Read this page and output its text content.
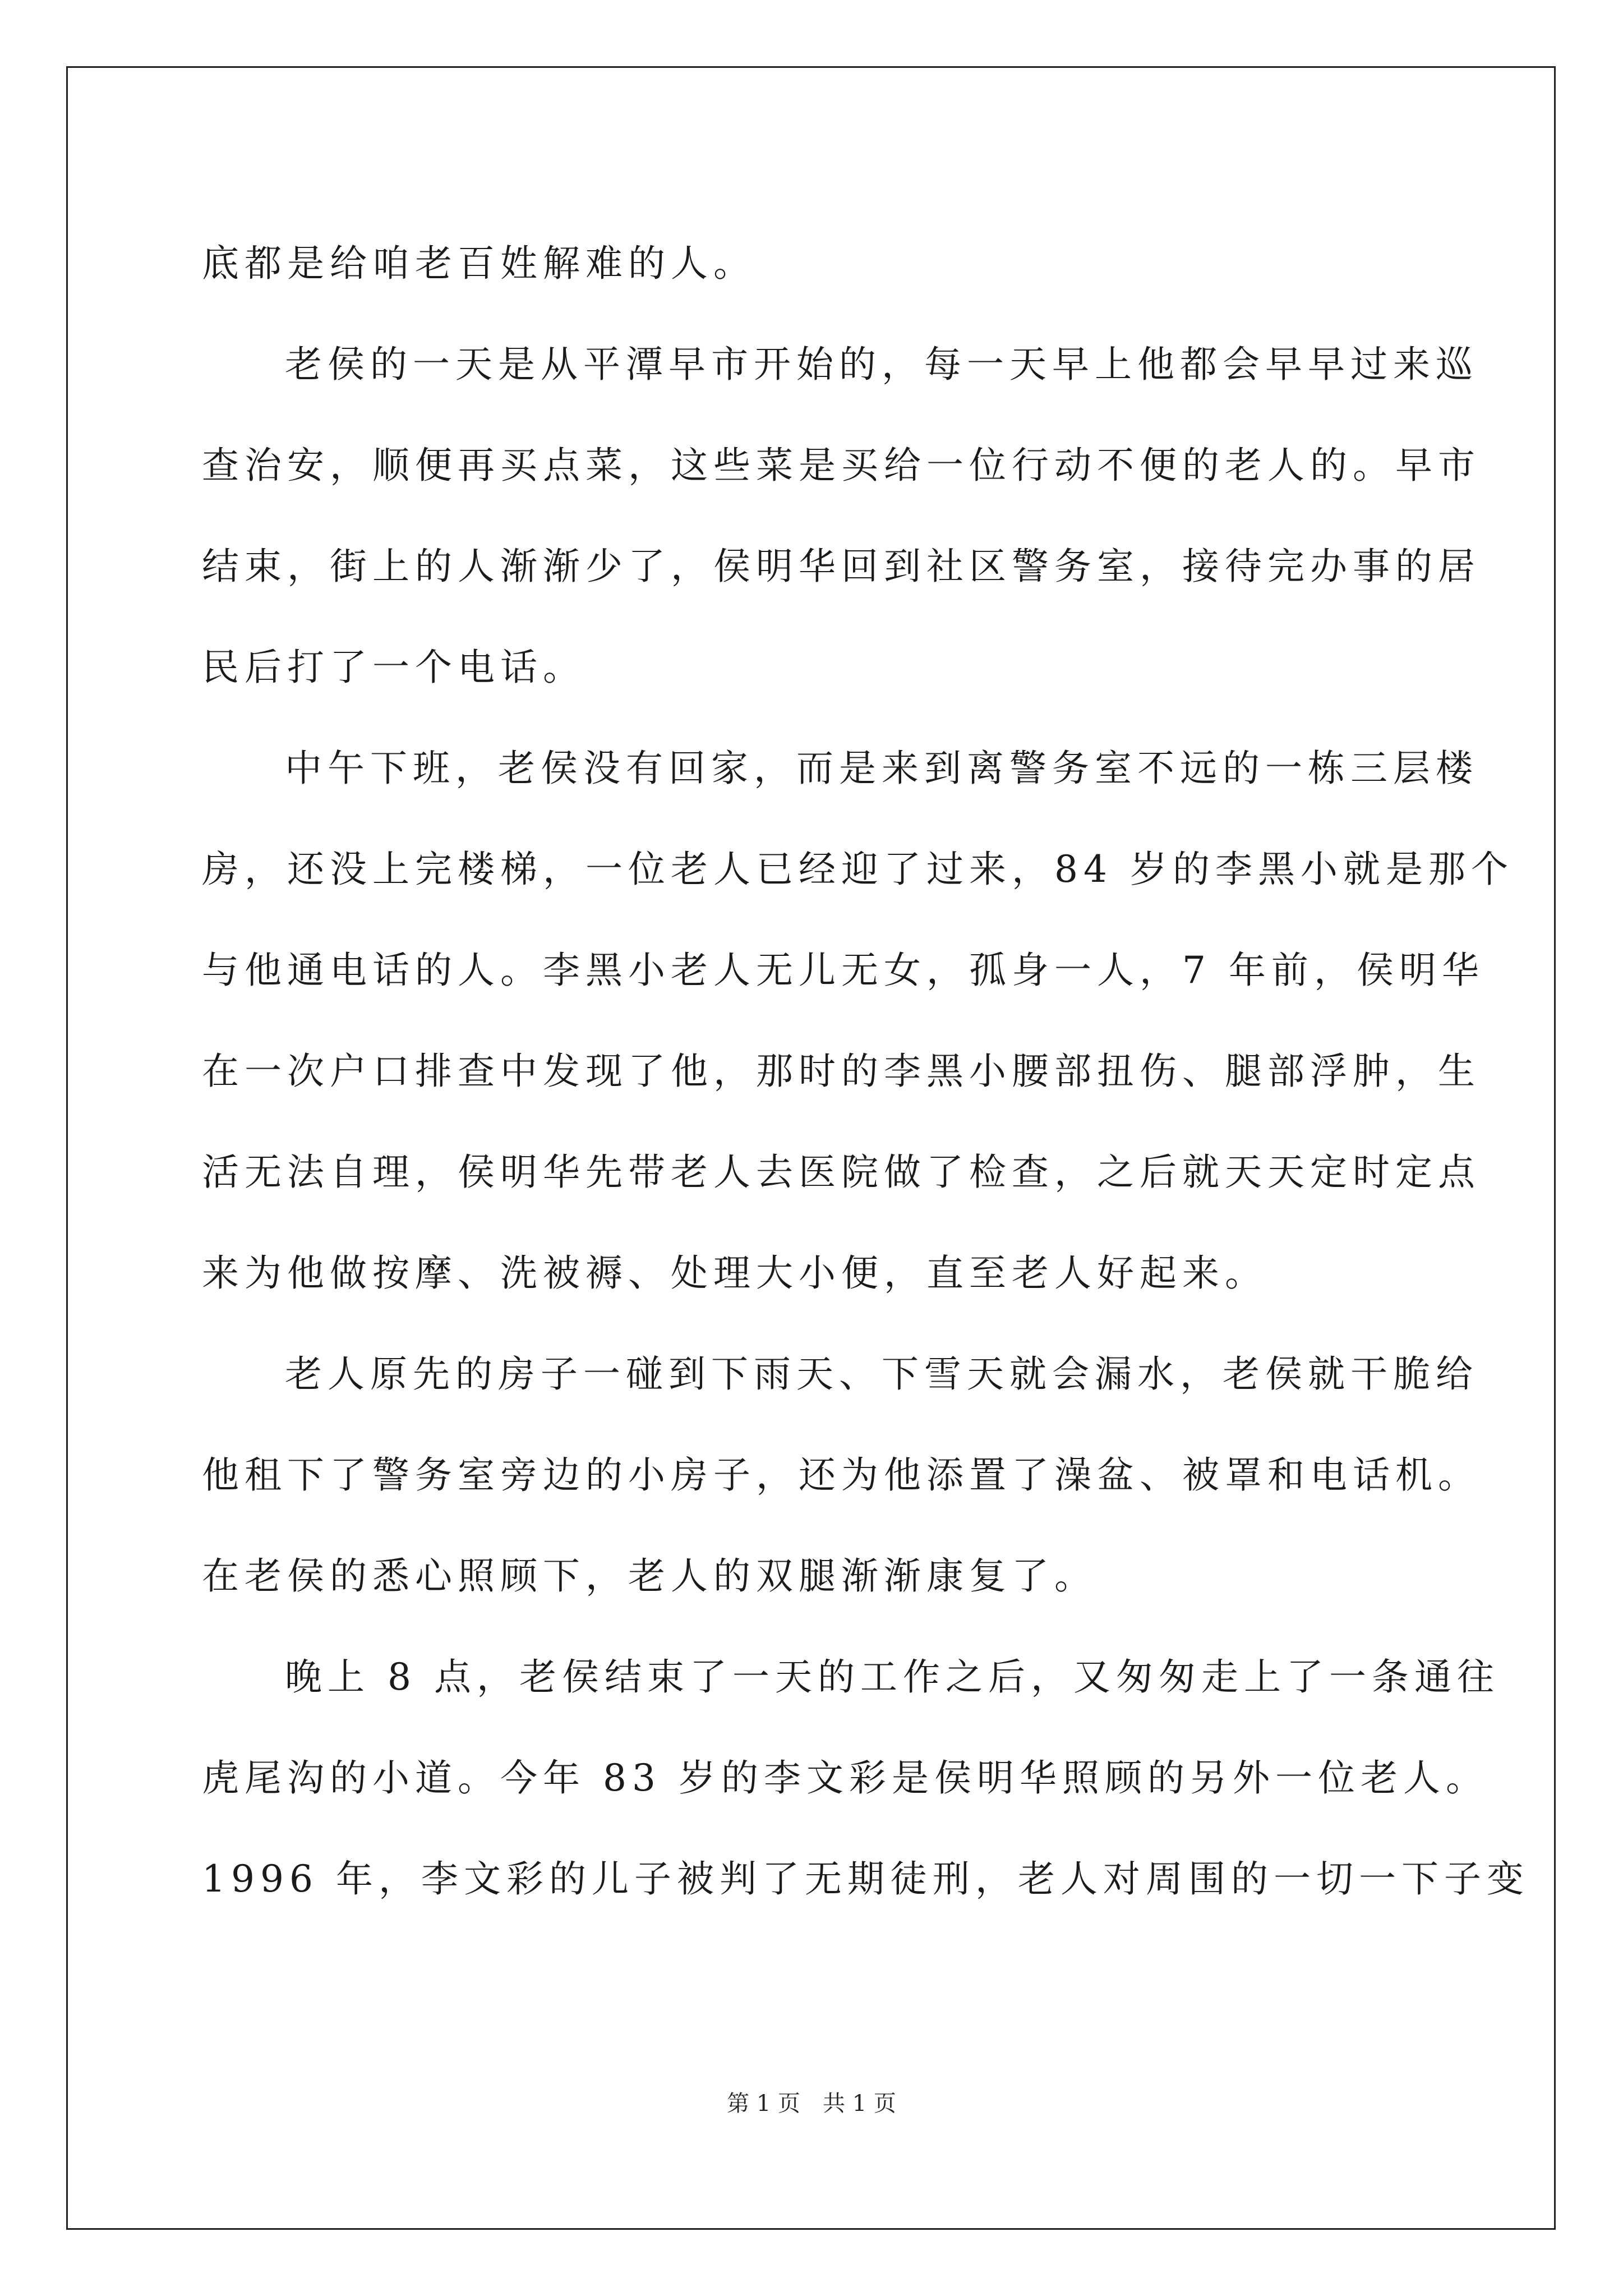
底都是给咱老百姓解难的人。
老侯的一天是从平潭早市开始的，每一天早上他都会早早过来巡
查治安，顺便再买点菜，这些菜是买给一位行动不便的老人的。早市
结束，街上的人渐渐少了，侯明华回到社区警务室，接待完办事的居
民后打了一个电话。
中午下班，老侯没有回家，而是来到离警务室不远的一栋三层楼
房，还没上完楼梯，一位老人已经迎了过来，84 岁的李黑小就是那个
与他通电话的人。李黑小老人无儿无女，孤身一人，7 年前，侯明华
在一次户口排查中发现了他，那时的李黑小腰部扭伤、腿部浮肿，生
活无法自理，侯明华先带老人去医院做了检查，之后就天天定时定点
来为他做按摩、洗被褥、处理大小便，直至老人好起来。
老人原先的房子一碰到下雨天、下雪天就会漏水，老侯就干脆给
他租下了警务室旁边的小房子，还为他添置了澡盆、被罩和电话机。
在老侯的悉心照顾下，老人的双腿渐渐康复了。
晚上 8 点，老侯结束了一天的工作之后，又匆匆走上了一条通往
虎尾沟的小道。今年 83 岁的李文彩是侯明华照顾的另外一位老人。
1996 年，李文彩的儿子被判了无期徒刑，老人对周围的一切一下子变
第 1 页　共 1 页
